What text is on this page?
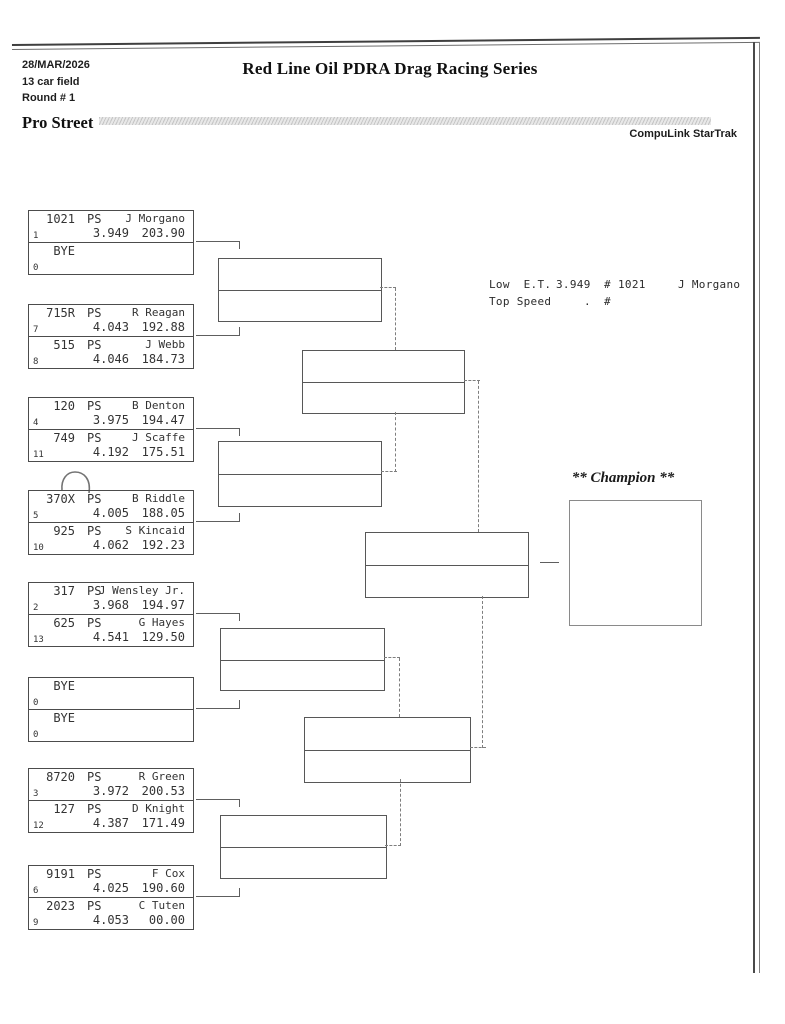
28/MAR/2026
13 car field
Round # 1
Red Line Oil PDRA Drag Racing Series
Pro Street
CompuLink StarTrak
Low  E.T. 3.949 # 1021	J Morgano
Top Speed	. #
** Champion **
1021 PS J Morgano
1	3.949 203.90
BYE
0
715R PS	R Reagan
7	4.043 192.88
515 PS	J Webb
8	4.046 184.73
120 PS	B Denton
4	3.975 194.47
749 PS	J Scaffe
11	4.192 175.51
370X PS	B Riddle
5	4.005 188.05
925 PS S Kincaid
10	4.062 192.23
317 PS
J Wensley Jr.
2	3.968 194.97
625 PS	G Hayes
13	4.541 129.50
BYE
0
BYE
0
8720 PS	R Green
3	3.972 200.53
127 PS	D Knight
12	4.387 171.49
9191 PS	F Cox
6	4.025 190.60
2023 PS	C Tuten
9	4.053 00.00
